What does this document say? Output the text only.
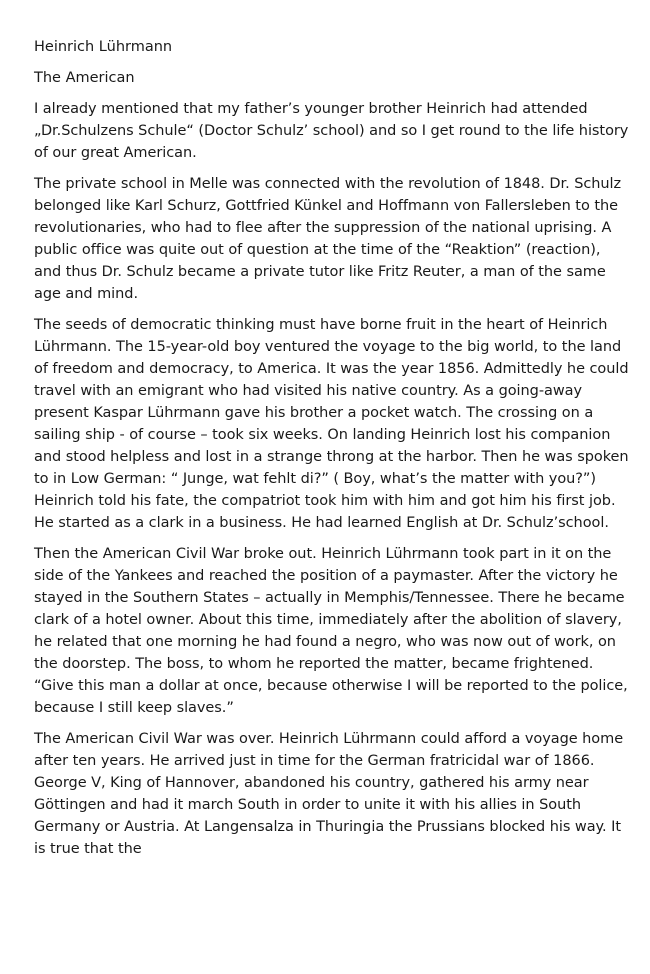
Heinrich Lührmann
The American

I already mentioned that my father’s younger brother Heinrich had attended „Dr.Schulzens Schule“ (Doctor Schulz’ school) and so I get round to the life history of our great American.

The private school in Melle was connected with the revolution of 1848. Dr. Schulz belonged like Karl Schurz, Gottfried Künkel and Hoffmann von Fallersleben to the revolutionaries, who had to flee after the suppression of the national uprising. A public office was quite out of question at the time of the “Reaktion” (reaction), and thus Dr. Schulz became a private tutor like Fritz Reuter, a man of the same age and mind.

The seeds of democratic thinking must have borne fruit in the heart of Heinrich Lührmann. The 15-year-old boy ventured the voyage to the big world, to the land of freedom and democracy, to America. It was the year 1856. Admittedly he could travel with an emigrant who had visited his native country. As a going-away present Kaspar Lührmann gave his brother a pocket watch. The crossing on a sailing ship - of course – took six weeks. On landing Heinrich lost his companion and stood helpless and lost in a strange throng at the harbor. Then he was spoken to in Low German: “ Junge, wat fehlt di?” ( Boy, what’s the matter with you?”) Heinrich told his fate, the compatriot took him with him and got him his first job. He started as a clark in a business. He had learned English at Dr. Schulz’school.

Then the American Civil War broke out. Heinrich Lührmann took part in it on the side of the Yankees and reached the position of a paymaster. After the victory he stayed in the Southern States – actually in Memphis/Tennessee. There he became clark of a hotel owner. About this time, immediately after the abolition of slavery, he related that one morning he had found a negro, who was now out of work, on the doorstep. The boss, to whom he reported the matter, became frightened. “Give this man a dollar at once, because otherwise I will be reported to the police, because I still keep slaves.”

The American Civil War was over. Heinrich Lührmann could afford a voyage home after ten years. He arrived just in time for the German fratricidal war of 1866. George V, King of Hannover, abandoned his country, gathered his army near Göttingen and had it march South in order to unite it with his allies in South Germany or Austria. At Langensalza in Thuringia the Prussians blocked his way. It is true that the
